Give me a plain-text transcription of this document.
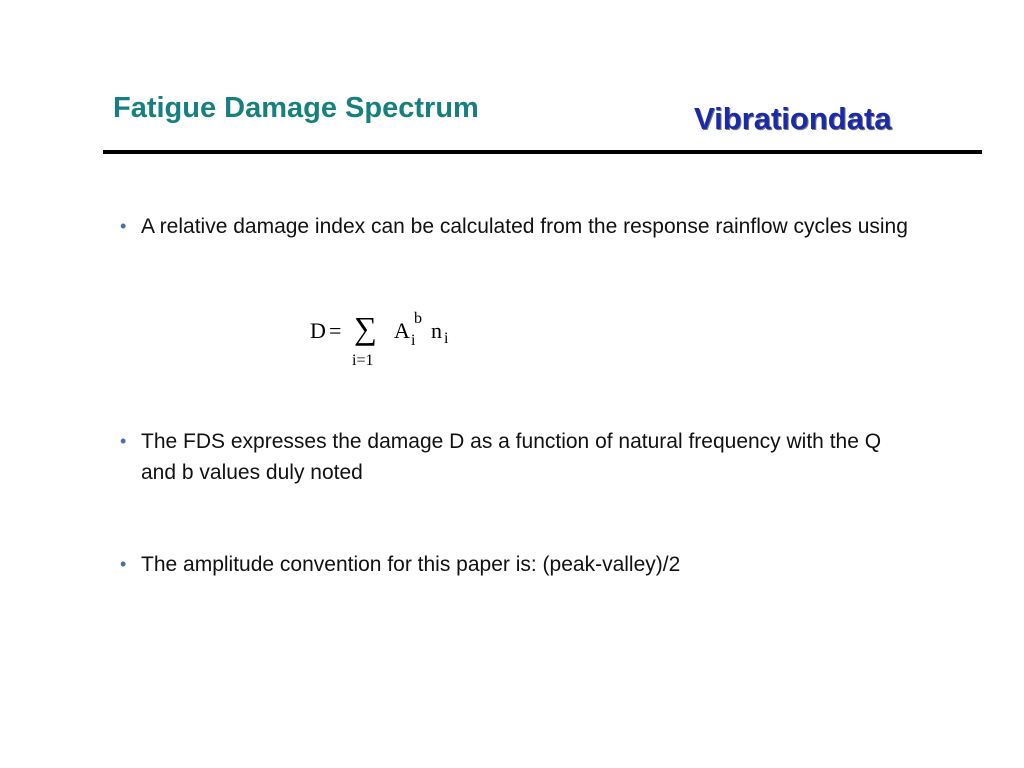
Fatigue Damage Spectrum	Vibrationdata
• A relative damage index can be calculated from the response rainflow cycles using
D = ∑
i=1
A b
i n i
• The FDS expresses the damage D as a function of natural frequency with the Q and b values duly noted
• The amplitude convention for this paper is: (peak-valley)/2
